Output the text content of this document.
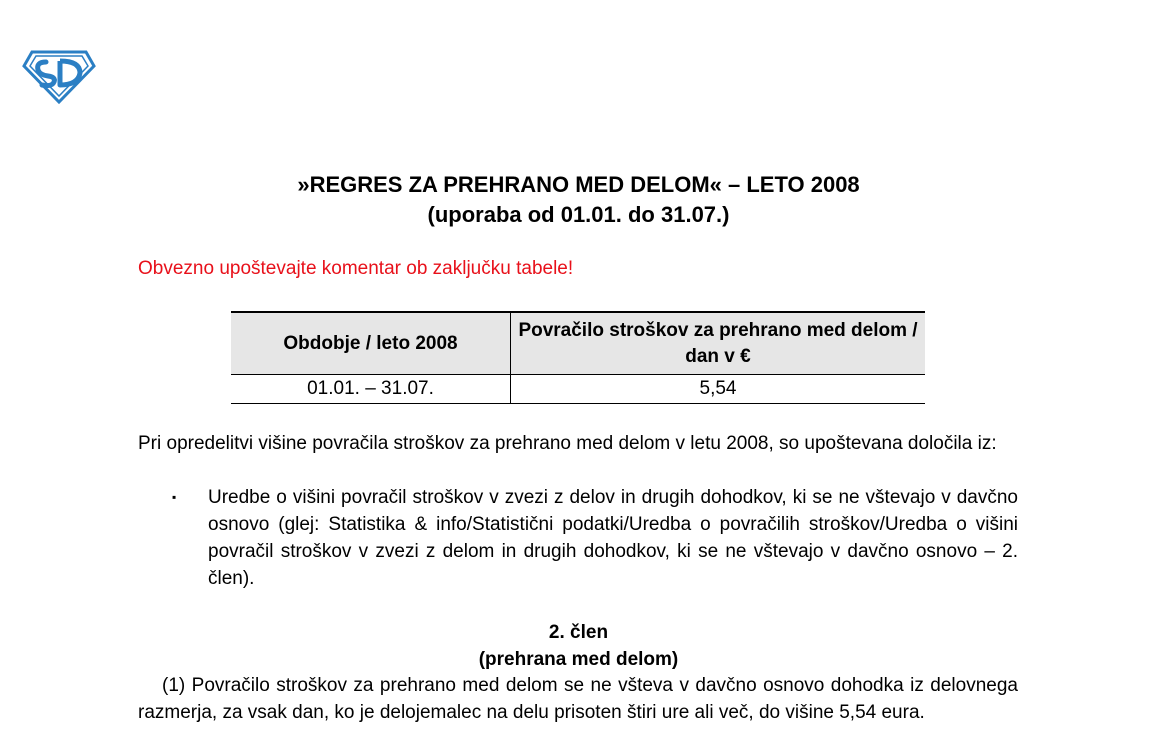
»REGRES ZA PREHRANO MED DELOM« – LETO 2008
(uporaba od 01.01. do 31.07.)
Obvezno upoštevajte komentar ob zaključku tabele!
Obdobje / leto 2008	Povračilo stroškov za prehrano med delom / dan v €
01.01. – 31.07.	5,54
Pri opredelitvi višine povračila stroškov za prehrano med delom v letu 2008, so upoštevana določila iz:
▪ Uredbe o višini povračil stroškov v zvezi z delov in drugih dohodkov, ki se ne vštevajo v davčno osnovo (glej: Statistika & info/Statistični podatki/Uredba o povračilih stroškov/Uredba o višini povračil stroškov v zvezi z delom in drugih dohodkov, ki se ne vštevajo v davčno osnovo – 2. člen).
2. člen
(prehrana med delom)
(1) Povračilo stroškov za prehrano med delom se ne všteva v davčno osnovo dohodka iz delovnega razmerja, za vsak dan, ko je delojemalec na delu prisoten štiri ure ali več, do višine 5,54 eura.
